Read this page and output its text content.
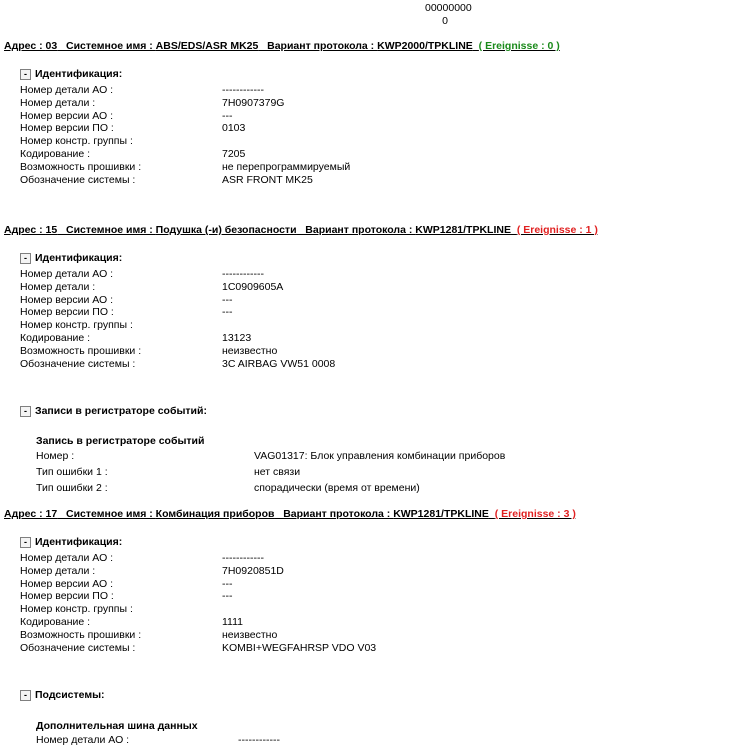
00000000
0
Адрес : 03   Системное имя : ABS/EDS/ASR MK25   Вариант протокола : KWP2000/TPKLINE ( Ereignisse : 0 )
- Идентификация:
Номер детали АО :	------------
Номер детали :	7H0907379G
Номер версии АО :	---
Номер версии ПО :	0103
Номер констр. группы :
Кодирование :	7205
Возможность прошивки :	не перепрограммируемый
Обозначение системы :	ASR FRONT MK25
Адрес : 15   Системное имя : Подушка (-и) безопасности   Вариант протокола : KWP1281/TPKLINE ( Ereignisse : 1 )
- Идентификация:
Номер детали АО :	------------
Номер детали :	1C0909605A
Номер версии АО :	---
Номер версии ПО :	---
Номер констр. группы :
Кодирование :	13123
Возможность прошивки :	неизвестно
Обозначение системы :	3C AIRBAG VW51 0008
- Записи в регистраторе событий:
Запись в регистраторе событий
Номер :	VAG01317: Блок управления комбинации приборов
Тип ошибки 1 :	нет связи
Тип ошибки 2 :	спорадически (время от времени)
Адрес : 17   Системное имя : Комбинация приборов   Вариант протокола : KWP1281/TPKLINE ( Ereignisse : 3 )
- Идентификация:
Номер детали АО :	------------
Номер детали :	7H0920851D
Номер версии АО :	---
Номер версии ПО :	---
Номер констр. группы :
Кодирование :	1111
Возможность прошивки :	неизвестно
Обозначение системы :	KOMBI+WEGFAHRSP VDO V03
- Подсистемы:
Дополнительная шина данных
Номер детали АО :	------------
